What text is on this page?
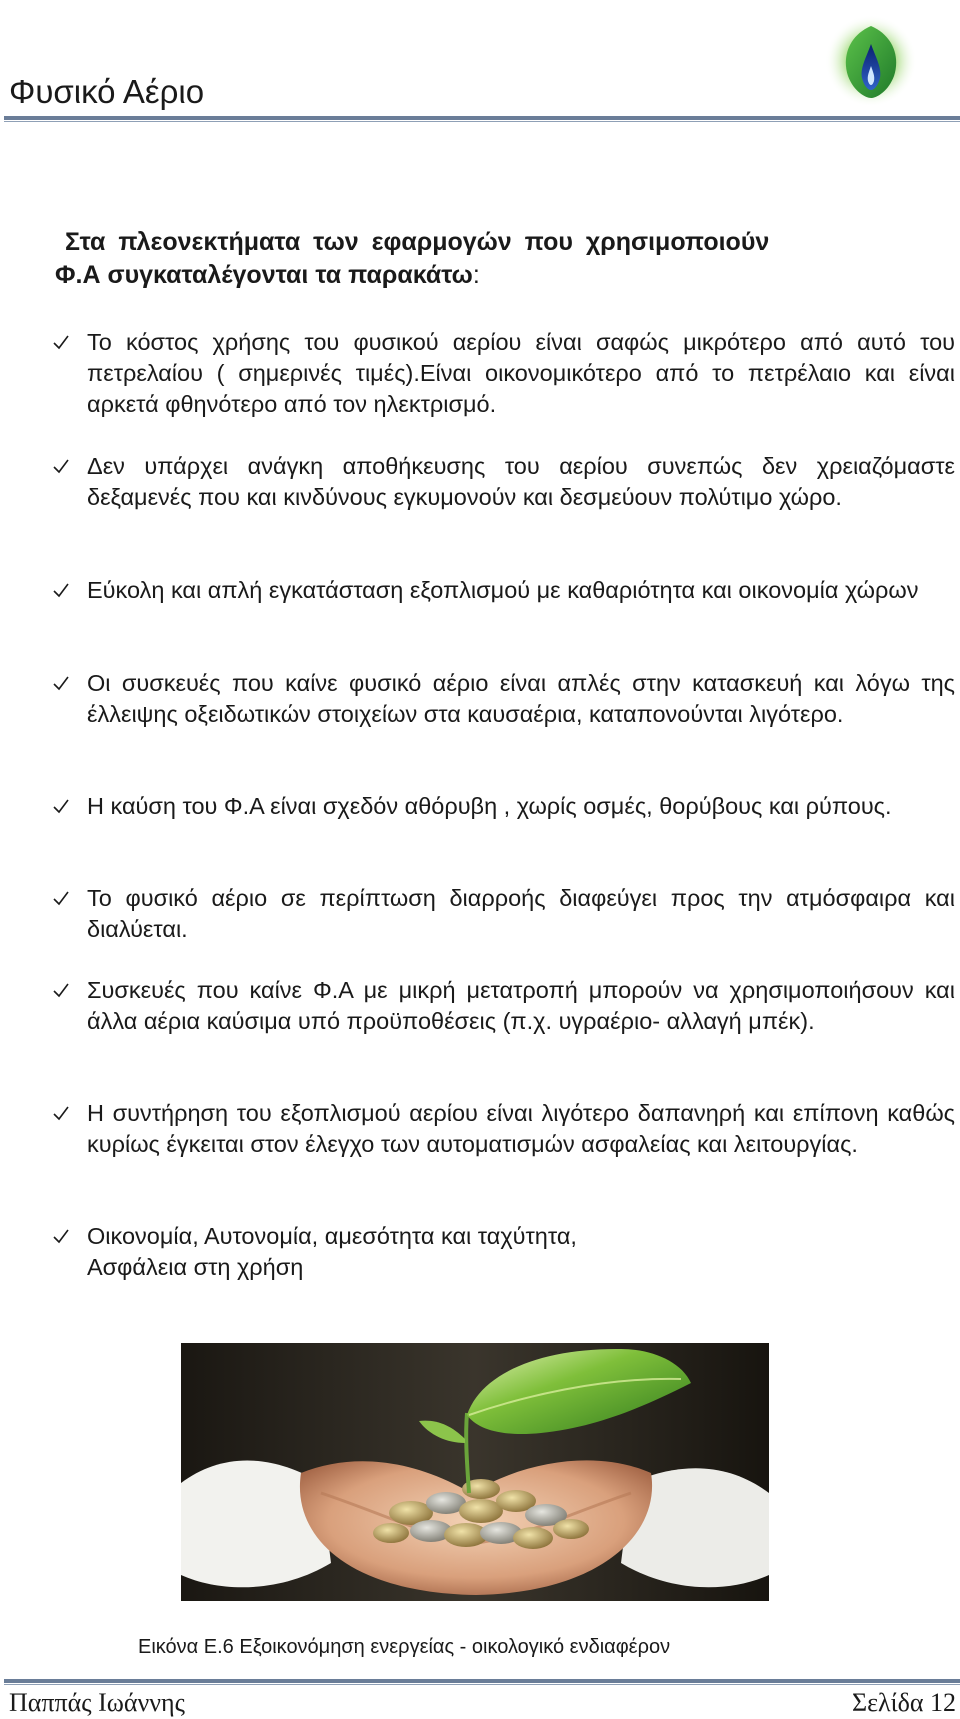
Φυσικό Αέριο
Στα πλεονεκτήματα των εφαρμογών που χρησιμοποιούν
Φ.Α συγκαταλέγονται τα παρακάτω:
Το κόστος χρήσης του φυσικού αερίου είναι σαφώς μικρότερο από αυτό του πετρελαίου ( σημερινές τιμές).Είναι οικονομικότερο από το πετρέλαιο και είναι αρκετά φθηνότερο από τον ηλεκτρισμό.
Δεν υπάρχει ανάγκη αποθήκευσης του αερίου συνεπώς δεν χρειαζόμαστε δεξαμενές που και κινδύνους εγκυμονούν και δεσμεύουν πολύτιμο χώρο.
Εύκολη και απλή εγκατάσταση εξοπλισμού με καθαριότητα και οικονομία χώρων
Οι συσκευές που καίνε φυσικό αέριο είναι απλές στην κατασκευή και λόγω της έλλειψης οξειδωτικών στοιχείων στα καυσαέρια, καταπονούνται λιγότερο.
Η καύση του Φ.Α είναι σχεδόν αθόρυβη , χωρίς οσμές, θορύβους και ρύπους.
Το φυσικό αέριο σε περίπτωση διαρροής διαφεύγει προς την ατμόσφαιρα και διαλύεται.
Συσκευές που καίνε Φ.Α με μικρή μετατροπή μπορούν να χρησιμοποιήσουν και άλλα αέρια καύσιμα υπό προϋποθέσεις (π.χ. υγραέριο- αλλαγή μπέκ).
Η συντήρηση του εξοπλισμού αερίου είναι λιγότερο δαπανηρή και επίπονη καθώς κυρίως έγκειται στον έλεγχο των αυτοματισμών ασφαλείας και λειτουργίας.
Οικονομία, Αυτονομία, αμεσότητα και ταχύτητα,
Ασφάλεια στη χρήση
Εικόνα Ε.6 Εξοικονόμηση ενεργείας - οικολογικό ενδιαφέρον
Παππάς Ιωάννης	Σελίδα 12
